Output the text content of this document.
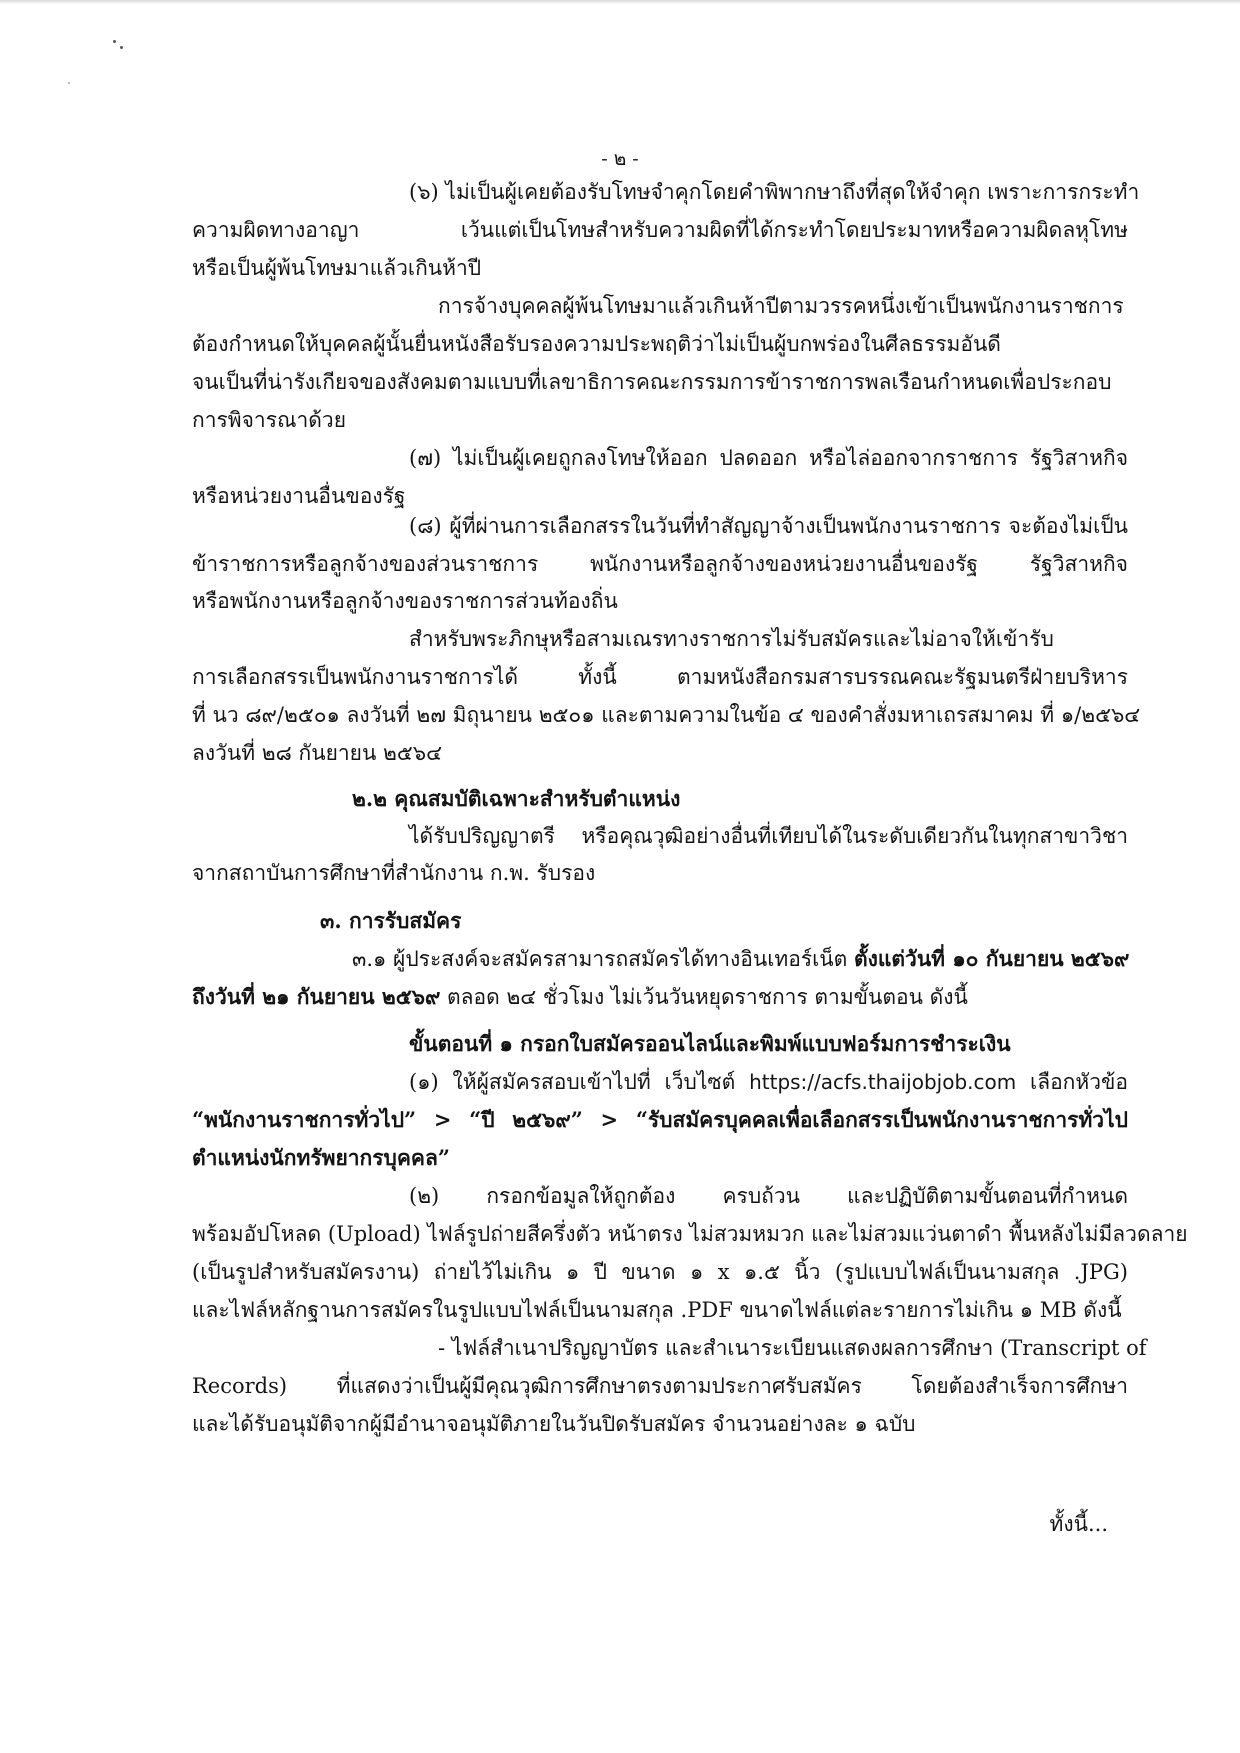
- ๒ -
(๖) ไม่เป็นผู้เคยต้องรับโทษจำคุกโดยคำพิพากษาถึงที่สุดให้จำคุก เพราะการกระทำ
ความผิดทางอาญา เว้นแต่เป็นโทษสำหรับความผิดที่ได้กระทำโดยประมาทหรือความผิดลหุโทษ
หรือเป็นผู้พ้นโทษมาแล้วเกินห้าปี
การจ้างบุคคลผู้พ้นโทษมาแล้วเกินห้าปีตามวรรคหนึ่งเข้าเป็นพนักงานราชการ
ต้องกำหนดให้บุคคลผู้นั้นยื่นหนังสือรับรองความประพฤติว่าไม่เป็นผู้บกพร่องในศีลธรรมอันดี
จนเป็นที่น่ารังเกียจของสังคมตามแบบที่เลขาธิการคณะกรรมการข้าราชการพลเรือนกำหนดเพื่อประกอบ
การพิจารณาด้วย
(๗) ไม่เป็นผู้เคยถูกลงโทษให้ออก ปลดออก หรือไล่ออกจากราชการ รัฐวิสาหกิจ
หรือหน่วยงานอื่นของรัฐ
(๘) ผู้ที่ผ่านการเลือกสรรในวันที่ทำสัญญาจ้างเป็นพนักงานราชการ จะต้องไม่เป็น
ข้าราชการหรือลูกจ้างของส่วนราชการ พนักงานหรือลูกจ้างของหน่วยงานอื่นของรัฐ รัฐวิสาหกิจ
หรือพนักงานหรือลูกจ้างของราชการส่วนท้องถิ่น
สำหรับพระภิกษุหรือสามเณรทางราชการไม่รับสมัครและไม่อาจให้เข้ารับ
การเลือกสรรเป็นพนักงานราชการได้ ทั้งนี้ ตามหนังสือกรมสารบรรณคณะรัฐมนตรีฝ่ายบริหาร
ที่ นว ๘๙/๒๕๐๑ ลงวันที่ ๒๗ มิถุนายน ๒๕๐๑ และตามความในข้อ ๔ ของคำสั่งมหาเถรสมาคม ที่ ๑/๒๕๖๔
ลงวันที่ ๒๘ กันยายน ๒๕๖๔
๒.๒ คุณสมบัติเฉพาะสำหรับตำแหน่ง
ได้รับปริญญาตรี หรือคุณวุฒิอย่างอื่นที่เทียบได้ในระดับเดียวกันในทุกสาขาวิชา
จากสถาบันการศึกษาที่สำนักงาน ก.พ. รับรอง
๓. การรับสมัคร
๓.๑ ผู้ประสงค์จะสมัครสามารถสมัครได้ทางอินเทอร์เน็ต ตั้งแต่วันที่ ๑๐ กันยายน ๒๕๖๙
ถึงวันที่ ๒๑ กันยายน ๒๕๖๙ ตลอด ๒๔ ชั่วโมง ไม่เว้นวันหยุดราชการ ตามขั้นตอน ดังนี้
ขั้นตอนที่ ๑ กรอกใบสมัครออนไลน์และพิมพ์แบบฟอร์มการชำระเงิน
(๑) ให้ผู้สมัครสอบเข้าไปที่ เว็บไซต์ https://acfs.thaijobjob.com เลือกหัวข้อ
“พนักงานราชการทั่วไป” > “ปี ๒๕๖๙” > “รับสมัครบุคคลเพื่อเลือกสรรเป็นพนักงานราชการทั่วไป
ตำแหน่งนักทรัพยากรบุคคล”
(๒) กรอกข้อมูลให้ถูกต้อง ครบถ้วน และปฏิบัติตามขั้นตอนที่กำหนด
พร้อมอัปโหลด (Upload) ไฟล์รูปถ่ายสีครึ่งตัว หน้าตรง ไม่สวมหมวก และไม่สวมแว่นตาดำ พื้นหลังไม่มีลวดลาย
(เป็นรูปสำหรับสมัครงาน) ถ่ายไว้ไม่เกิน ๑ ปี ขนาด ๑ x ๑.๕ นิ้ว (รูปแบบไฟล์เป็นนามสกุล .JPG)
และไฟล์หลักฐานการสมัครในรูปแบบไฟล์เป็นนามสกุล .PDF ขนาดไฟล์แต่ละรายการไม่เกิน ๑ MB ดังนี้
- ไฟล์สำเนาปริญญาบัตร และสำเนาระเบียนแสดงผลการศึกษา (Transcript of
Records) ที่แสดงว่าเป็นผู้มีคุณวุฒิการศึกษาตรงตามประกาศรับสมัคร โดยต้องสำเร็จการศึกษา
และได้รับอนุมัติจากผู้มีอำนาจอนุมัติภายในวันปิดรับสมัคร จำนวนอย่างละ ๑ ฉบับ
ทั้งนี้...
